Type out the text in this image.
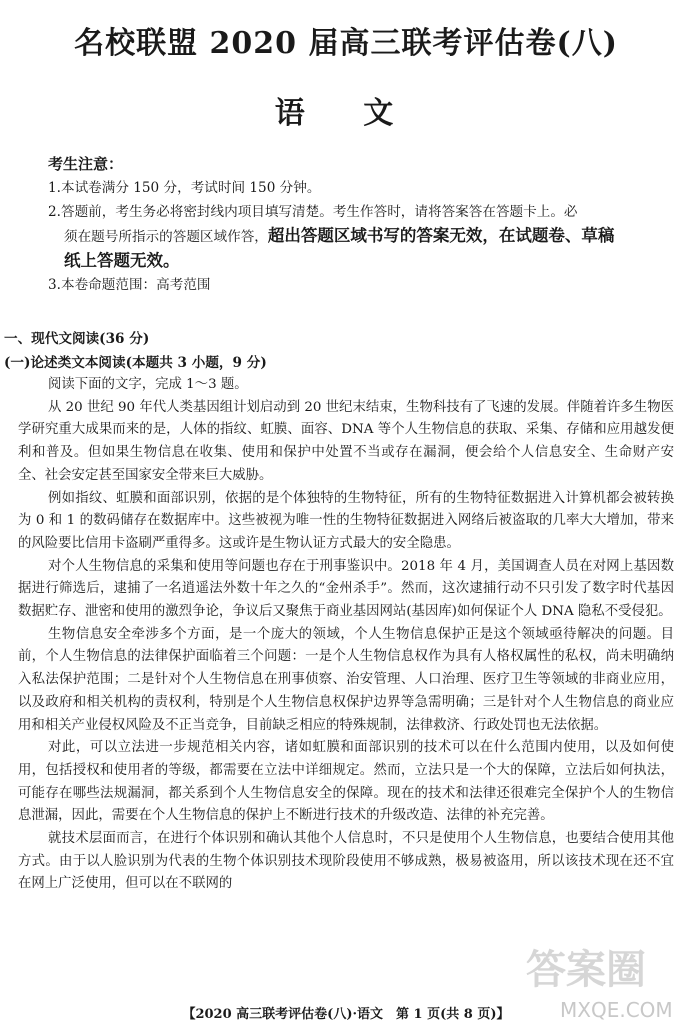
名校联盟 2020 届高三联考评估卷(八)
语 文
考生注意：
1.本试卷满分 150 分，考试时间 150 分钟。
2.答题前，考生务必将密封线内项目填写清楚。考生作答时，请将答案答在答题卡上。必
须在题号所指示的答题区域作答，超出答题区域书写的答案无效，在试题卷、草稿
纸上答题无效。
3.本卷命题范围：高考范围
一、现代文阅读(36 分)
(一)论述类文本阅读(本题共 3 小题，9 分)

阅读下面的文字，完成 1～3 题。

从 20 世纪 90 年代人类基因组计划启动到 20 世纪末结束，生物科技有了飞速的发展。伴随着许多生物医学研究重大成果而来的是，人体的指纹、虹膜、面容、DNA 等个人生物信息的获取、采集、存储和应用越发便利和普及。但如果生物信息在收集、使用和保护中处置不当或存在漏洞，便会给个人信息安全、生命财产安全、社会安定甚至国家安全带来巨大威胁。

例如指纹、虹膜和面部识别，依据的是个体独特的生物特征，所有的生物特征数据进入计算机都会被转换为 0 和 1 的数码储存在数据库中。这些被视为唯一性的生物特征数据进入网络后被盗取的几率大大增加，带来的风险要比信用卡盗刷严重得多。这或许是生物认证方式最大的安全隐患。

对个人生物信息的采集和使用等问题也存在于刑事鉴识中。2018 年 4 月，美国调查人员在对网上基因数据进行筛选后，逮捕了一名逍遥法外数十年之久的“金州杀手”。然而，这次逮捕行动不只引发了数字时代基因数据贮存、泄密和使用的激烈争论，争议后又聚焦于商业基因网站(基因库)如何保证个人 DNA 隐私不受侵犯。

生物信息安全牵涉多个方面，是一个庞大的领域，个人生物信息保护正是这个领域亟待解决的问题。目前，个人生物信息的法律保护面临着三个问题：一是个人生物信息权作为具有人格权属性的私权，尚未明确纳入私法保护范围；二是针对个人生物信息在刑事侦察、治安管理、人口治理、医疗卫生等领域的非商业应用，以及政府和相关机构的责权利，特别是个人生物信息权保护边界等急需明确；三是针对个人生物信息的商业应用和相关产业侵权风险及不正当竞争，目前缺乏相应的特殊规制，法律救济、行政处罚也无法依据。

对此，可以立法进一步规范相关内容，诸如虹膜和面部识别的技术可以在什么范围内使用，以及如何使用，包括授权和使用者的等级，都需要在立法中详细规定。然而，立法只是一个大的保障，立法后如何执法，可能存在哪些法规漏洞，都关系到个人生物信息安全的保障。现在的技术和法律还很难完全保护个人的生物信息泄漏，因此，需要在个人生物信息的保护上不断进行技术的升级改造、法律的补充完善。

就技术层面而言，在进行个体识别和确认其他个人信息时，不只是使用个人生物信息，也要结合使用其他方式。由于以人脸识别为代表的生物个体识别技术现阶段使用不够成熟，极易被盗用，所以该技术现在还不宜在网上广泛使用，但可以在不联网的

【2020 高三联考评估卷(八)·语文　第 1 页(共 8 页)】
答案圈
MXQE.COM
